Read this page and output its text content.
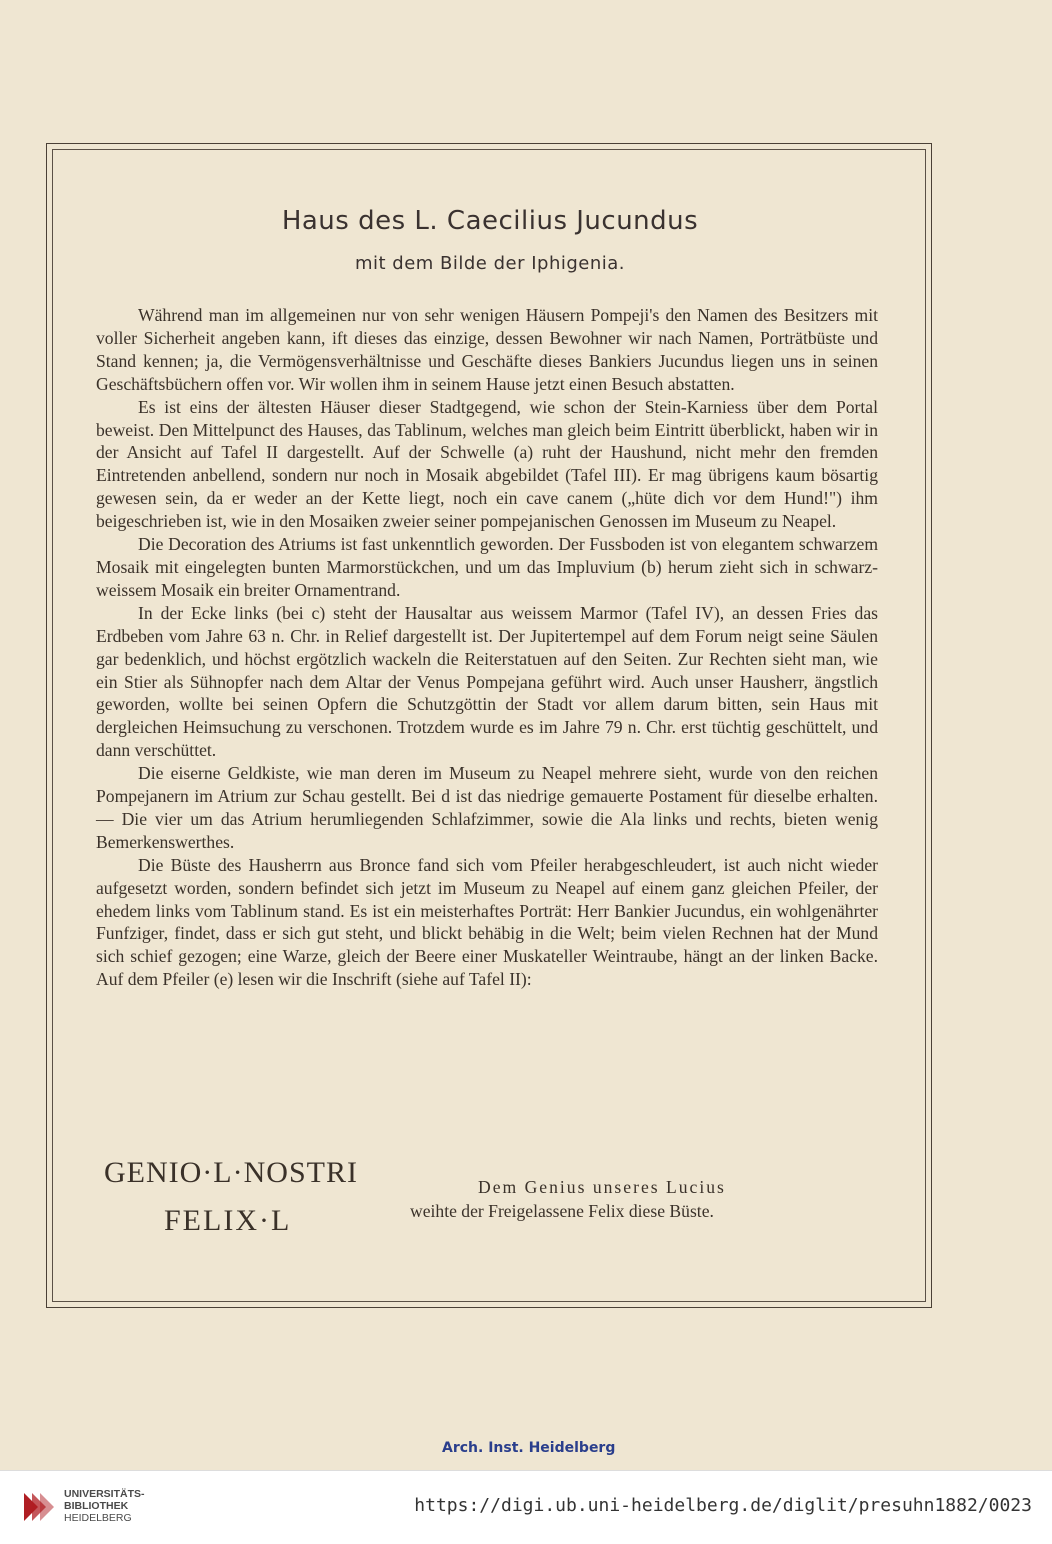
Haus des L. Caecilius Jucundus
mit dem Bilde der Iphigenia.

Während man im allgemeinen nur von sehr wenigen Häusern Pompeji's den Namen des Besitzers mit voller Sicherheit angeben kann, ift dieses das einzige, dessen Bewohner wir nach Namen, Porträtbüste und Stand kennen; ja, die Vermögensverhältnisse und Geschäfte dieses Bankiers Jucundus liegen uns in seinen Geschäftsbüchern offen vor. Wir wollen ihm in seinem Hause jetzt einen Besuch abstatten.

Es ist eins der ältesten Häuser dieser Stadtgegend, wie schon der Stein-Karniess über dem Portal beweist. Den Mittelpunct des Hauses, das Tablinum, welches man gleich beim Eintritt überblickt, haben wir in der Ansicht auf Tafel II dargestellt. Auf der Schwelle (a) ruht der Haushund, nicht mehr den fremden Eintretenden anbellend, sondern nur noch in Mosaik abgebildet (Tafel III). Er mag übrigens kaum bösartig gewesen sein, da er weder an der Kette liegt, noch ein cave canem („hüte dich vor dem Hund!") ihm beigeschrieben ist, wie in den Mosaiken zweier seiner pompejanischen Genossen im Museum zu Neapel.

Die Decoration des Atriums ist fast unkenntlich geworden. Der Fussboden ist von elegantem schwarzem Mosaik mit eingelegten bunten Marmorstückchen, und um das Impluvium (b) herum zieht sich in schwarz-weissem Mosaik ein breiter Ornamentrand.

In der Ecke links (bei c) steht der Hausaltar aus weissem Marmor (Tafel IV), an dessen Fries das Erdbeben vom Jahre 63 n. Chr. in Relief dargestellt ist. Der Jupitertempel auf dem Forum neigt seine Säulen gar bedenklich, und höchst ergötzlich wackeln die Reiterstatuen auf den Seiten. Zur Rechten sieht man, wie ein Stier als Sühnopfer nach dem Altar der Venus Pompejana geführt wird. Auch unser Hausherr, ängstlich geworden, wollte bei seinen Opfern die Schutzgöttin der Stadt vor allem darum bitten, sein Haus mit dergleichen Heimsuchung zu verschonen. Trotzdem wurde es im Jahre 79 n. Chr. erst tüchtig geschüttelt, und dann verschüttet.

Die eiserne Geldkiste, wie man deren im Museum zu Neapel mehrere sieht, wurde von den reichen Pompejanern im Atrium zur Schau gestellt. Bei d ist das niedrige gemauerte Postament für dieselbe erhalten. — Die vier um das Atrium herumliegenden Schlafzimmer, sowie die Ala links und rechts, bieten wenig Bemerkenswerthes.

Die Büste des Hausherrn aus Bronce fand sich vom Pfeiler herabgeschleudert, ist auch nicht wieder aufgesetzt worden, sondern befindet sich jetzt im Museum zu Neapel auf einem ganz gleichen Pfeiler, der ehedem links vom Tablinum stand. Es ist ein meisterhaftes Porträt: Herr Bankier Jucundus, ein wohlgenährter Funfziger, findet, dass er sich gut steht, und blickt behäbig in die Welt; beim vielen Rechnen hat der Mund sich schief gezogen; eine Warze, gleich der Beere einer Muskateller Weintraube, hängt an der linken Backe. Auf dem Pfeiler (e) lesen wir die Inschrift (siehe auf Tafel II):

GENIO·L·NOSTRI
FELIX·L
Dem Genius unseres Lucius
weihte der Freigelassene Felix diese Büste.
Arch. Inst. Heidelberg
UNIVERSITÄTS-
BIBLIOTHEK
HEIDELBERG
https://digi.ub.uni-heidelberg.de/diglit/presuhn1882/0023
